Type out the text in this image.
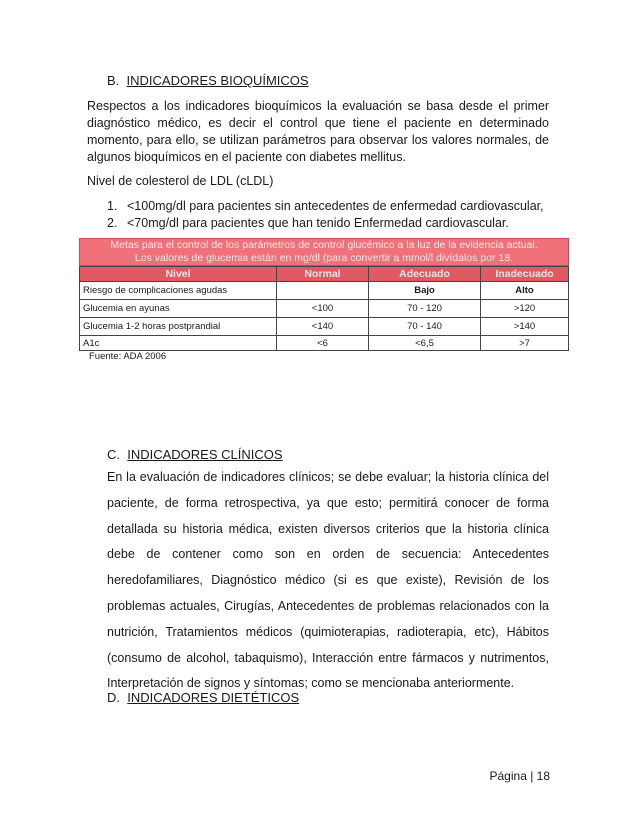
B. INDICADORES BIOQUÍMICOS
Respectos a los indicadores bioquímicos la evaluación se basa desde el primer diagnóstico médico, es decir el control que tiene el paciente en determinado momento, para ello, se utilizan parámetros para observar los valores normales, de algunos bioquímicos en el paciente con diabetes mellitus.
Nivel de colesterol de LDL (cLDL)
1. <100mg/dl para pacientes sin antecedentes de enfermedad cardiovascular,
2. <70mg/dl para pacientes que han tenido Enfermedad cardiovascular.
Metas para el control de los parámetros de control glucémico a la luz de la evidencia actual.
Los valores de glucemia están en mg/dl (para convertir a mmol/l divídalos por 18.
Nivel	Normal	Adecuado	Inadecuado
Riesgo de complicaciones agudas		Bajo	Alto
Glucemia en ayunas	<100	70 - 120	>120
Glucemia 1-2 horas postprandial	<140	70 - 140	>140
A1c	<6	<6,5	>7
Fuente: ADA 2006
C. INDICADORES CLÍNICOS
En la evaluación de indicadores clínicos; se debe evaluar; la historia clínica del paciente, de forma retrospectiva, ya que esto; permitirá conocer de forma detallada su historia médica, existen diversos criterios que la historia clínica debe de contener como son en orden de secuencia: Antecedentes heredofamiliares, Diagnóstico médico (si es que existe), Revisión de los problemas actuales, Cirugías, Antecedentes de problemas relacionados con la nutrición, Tratamientos médicos (quimioterapias, radioterapia, etc), Hábitos (consumo de alcohol, tabaquismo), Interacción entre fármacos y nutrimentos, Interpretación de signos y síntomas; como se mencionaba anteriormente.
D. INDICADORES DIETÉTICOS
Página | 18
